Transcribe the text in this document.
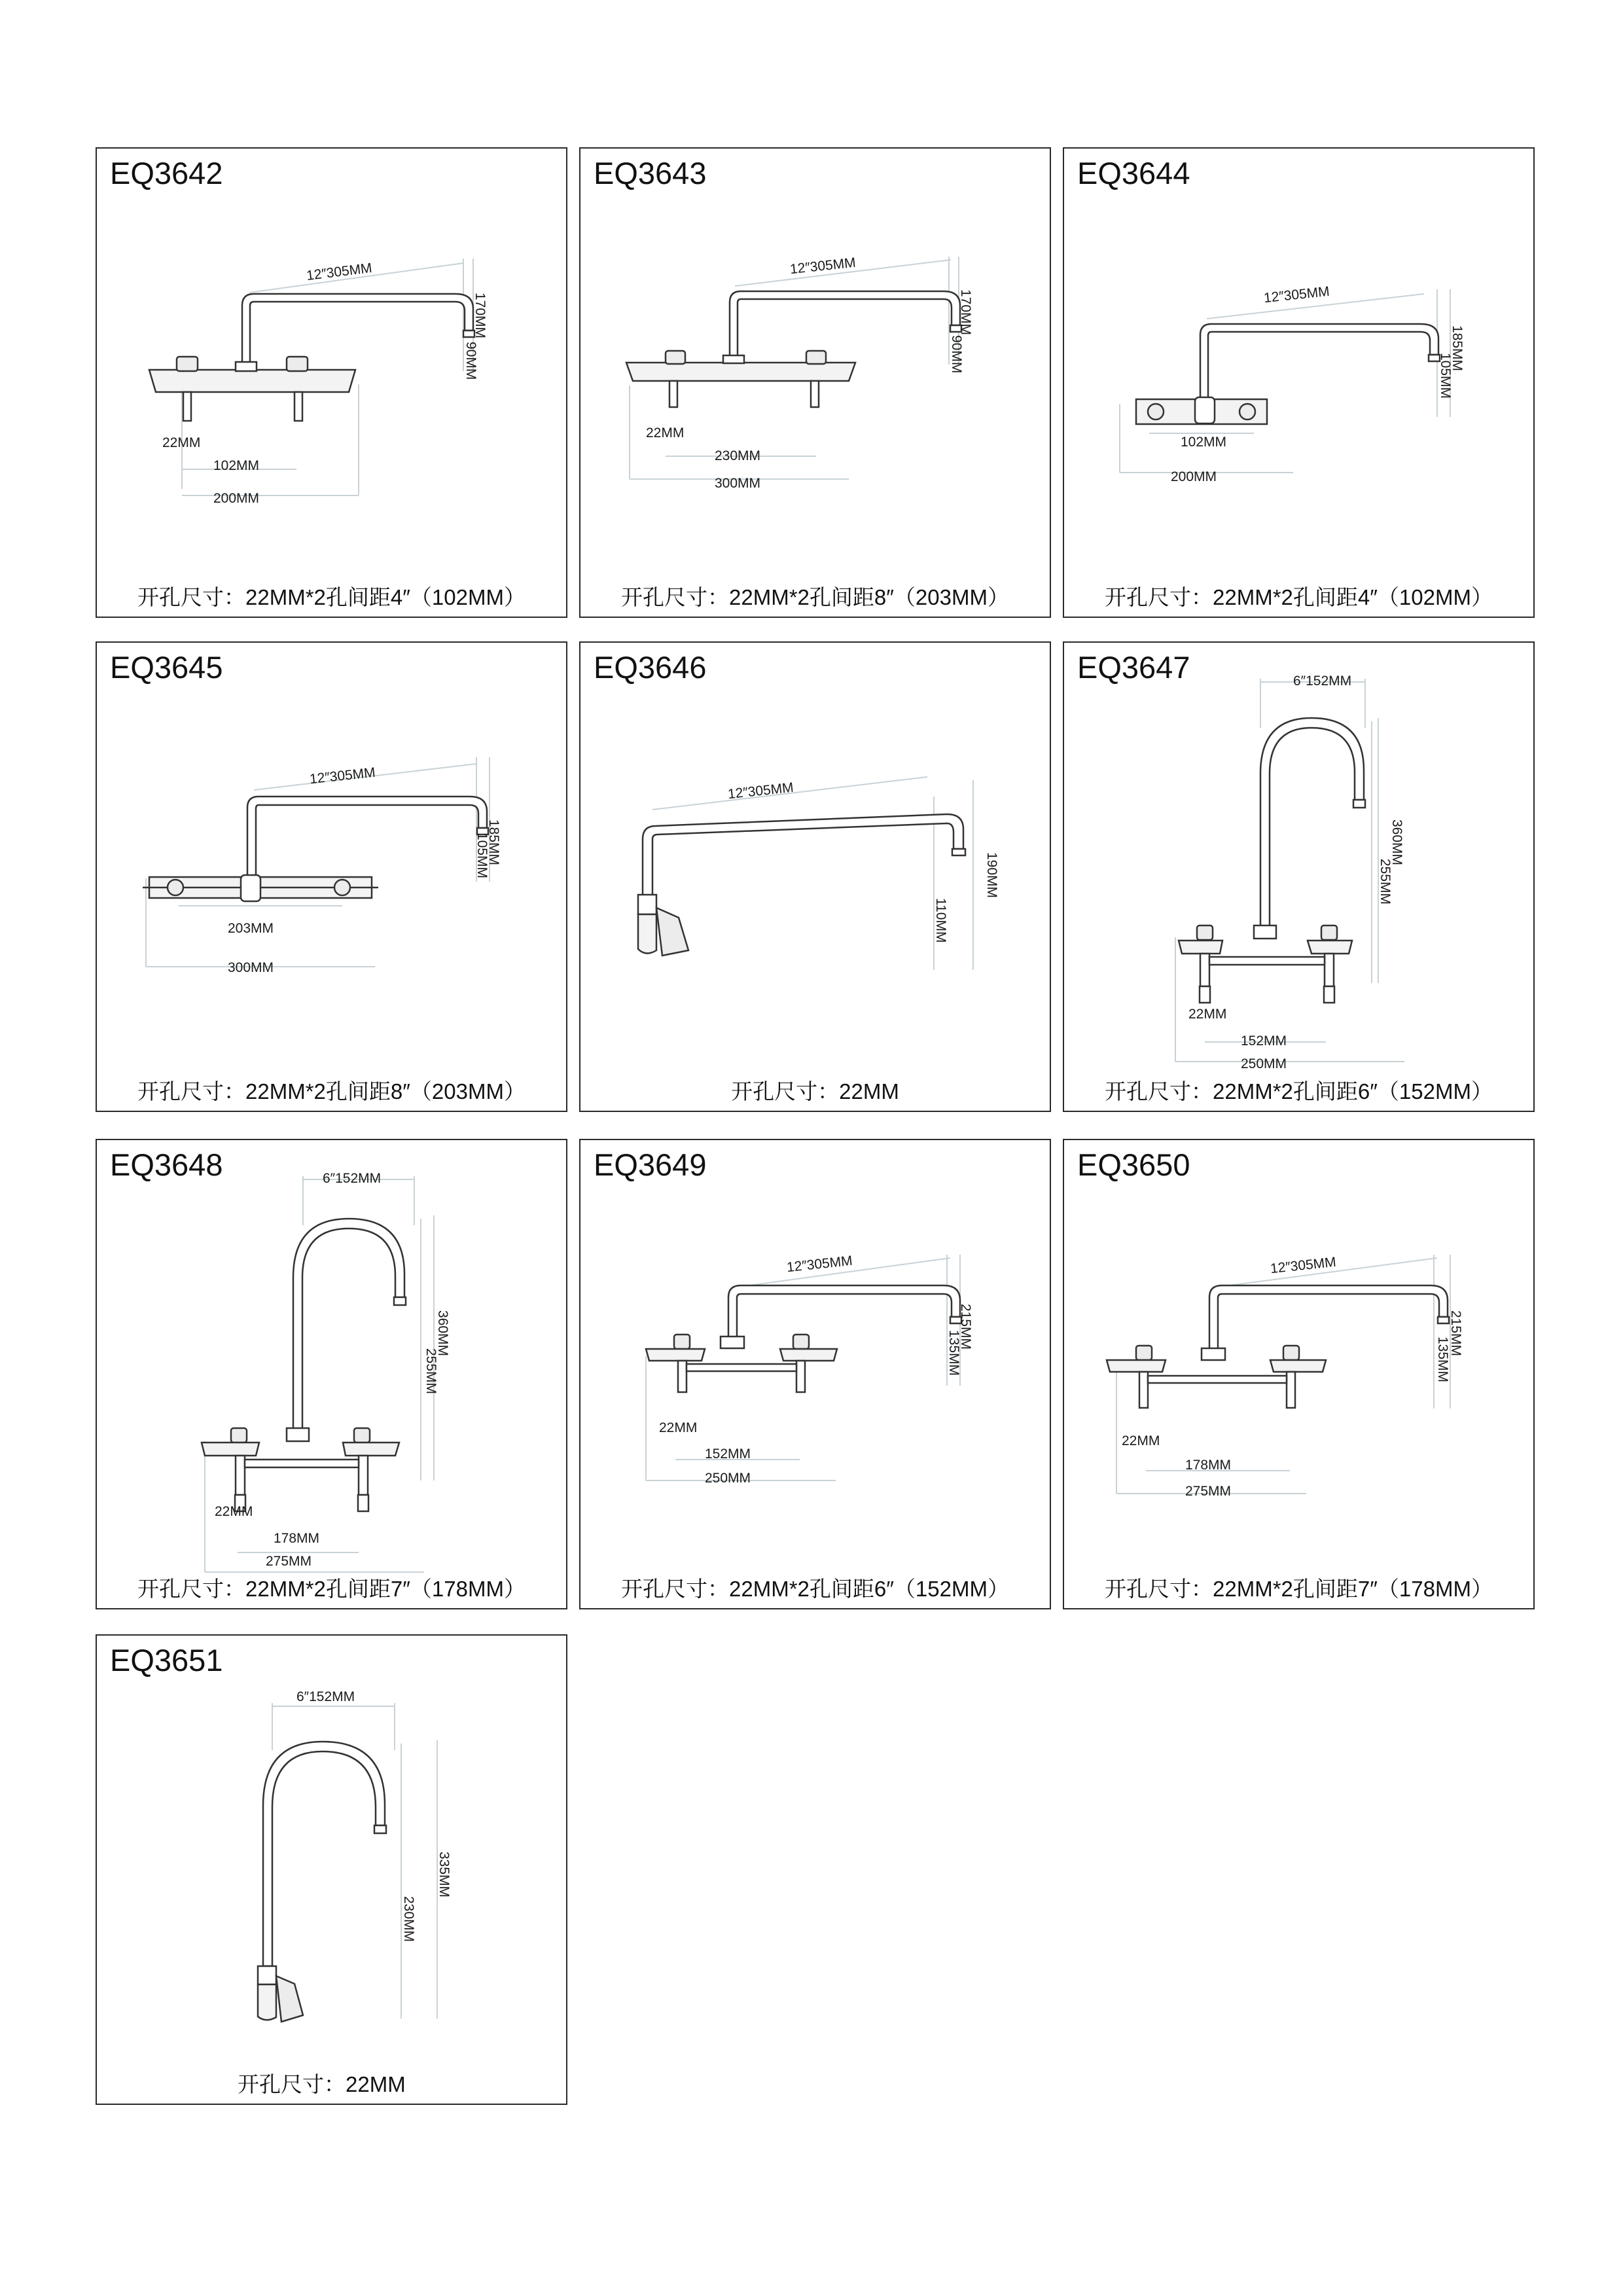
EQ3642
开孔尺寸：22MM*2孔间距4″（102MM）
12″305MM
170MM
90MM
22MM
102MM
200MM
EQ3643
开孔尺寸：22MM*2孔间距8″（203MM）
12″305MM
170MM
90MM
22MM
230MM
300MM
EQ3644
开孔尺寸：22MM*2孔间距4″（102MM）
12″305MM
185MM
105MM
102MM
200MM
EQ3645
开孔尺寸：22MM*2孔间距8″（203MM）
12″305MM
185MM
105MM
203MM
300MM
EQ3646
开孔尺寸：22MM
12″305MM
190MM
110MM
EQ3647
开孔尺寸：22MM*2孔间距6″（152MM）
6″152MM
360MM
255MM
22MM
152MM
250MM
EQ3648
开孔尺寸：22MM*2孔间距7″（178MM）
6″152MM
360MM
255MM
22MM
178MM
275MM
EQ3649
开孔尺寸：22MM*2孔间距6″（152MM）
12″305MM
215MM
135MM
22MM
152MM
250MM
EQ3650
开孔尺寸：22MM*2孔间距7″（178MM）
12″305MM
215MM
135MM
22MM
178MM
275MM
EQ3651
开孔尺寸：22MM
6″152MM
335MM
230MM
